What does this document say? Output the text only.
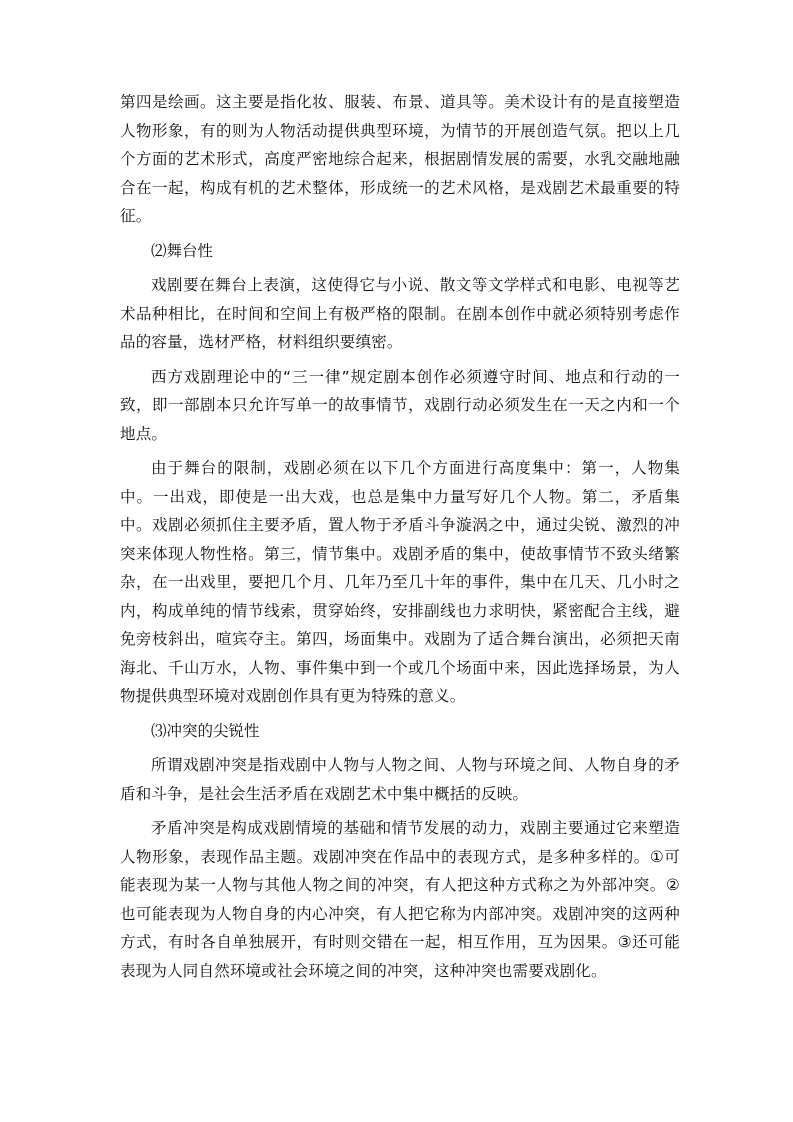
第四是绘画。这主要是指化妆、服装、布景、道具等。美术设计有的是直接塑造人物形象，有的则为人物活动提供典型环境，为情节的开展创造气氛。把以上几个方面的艺术形式，高度严密地综合起来，根据剧情发展的需要，水乳交融地融合在一起，构成有机的艺术整体，形成统一的艺术风格，是戏剧艺术最重要的特征。

⑵舞台性

戏剧要在舞台上表演，这使得它与小说、散文等文学样式和电影、电视等艺术品种相比，在时间和空间上有极严格的限制。在剧本创作中就必须特别考虑作品的容量，选材严格，材料组织要缜密。

西方戏剧理论中的“三一律”规定剧本创作必须遵守时间、地点和行动的一致，即一部剧本只允许写单一的故事情节，戏剧行动必须发生在一天之内和一个地点。

由于舞台的限制，戏剧必须在以下几个方面进行高度集中：第一，人物集中。一出戏，即使是一出大戏，也总是集中力量写好几个人物。第二，矛盾集中。戏剧必须抓住主要矛盾，置人物于矛盾斗争漩涡之中，通过尖锐、激烈的冲突来体现人物性格。第三，情节集中。戏剧矛盾的集中，使故事情节不致头绪繁杂，在一出戏里，要把几个月、几年乃至几十年的事件，集中在几天、几小时之内，构成单纯的情节线索，贯穿始终，安排副线也力求明快，紧密配合主线，避免旁枝斜出，喧宾夺主。第四，场面集中。戏剧为了适合舞台演出，必须把天南海北、千山万水，人物、事件集中到一个或几个场面中来，因此选择场景，为人物提供典型环境对戏剧创作具有更为特殊的意义。

⑶冲突的尖锐性

所谓戏剧冲突是指戏剧中人物与人物之间、人物与环境之间、人物自身的矛盾和斗争，是社会生活矛盾在戏剧艺术中集中概括的反映。

矛盾冲突是构成戏剧情境的基础和情节发展的动力，戏剧主要通过它来塑造人物形象，表现作品主题。戏剧冲突在作品中的表现方式，是多种多样的。①可能表现为某一人物与其他人物之间的冲突，有人把这种方式称之为外部冲突。②也可能表现为人物自身的内心冲突，有人把它称为内部冲突。戏剧冲突的这两种方式，有时各自单独展开，有时则交错在一起，相互作用，互为因果。③还可能表现为人同自然环境或社会环境之间的冲突，这种冲突也需要戏剧化。
